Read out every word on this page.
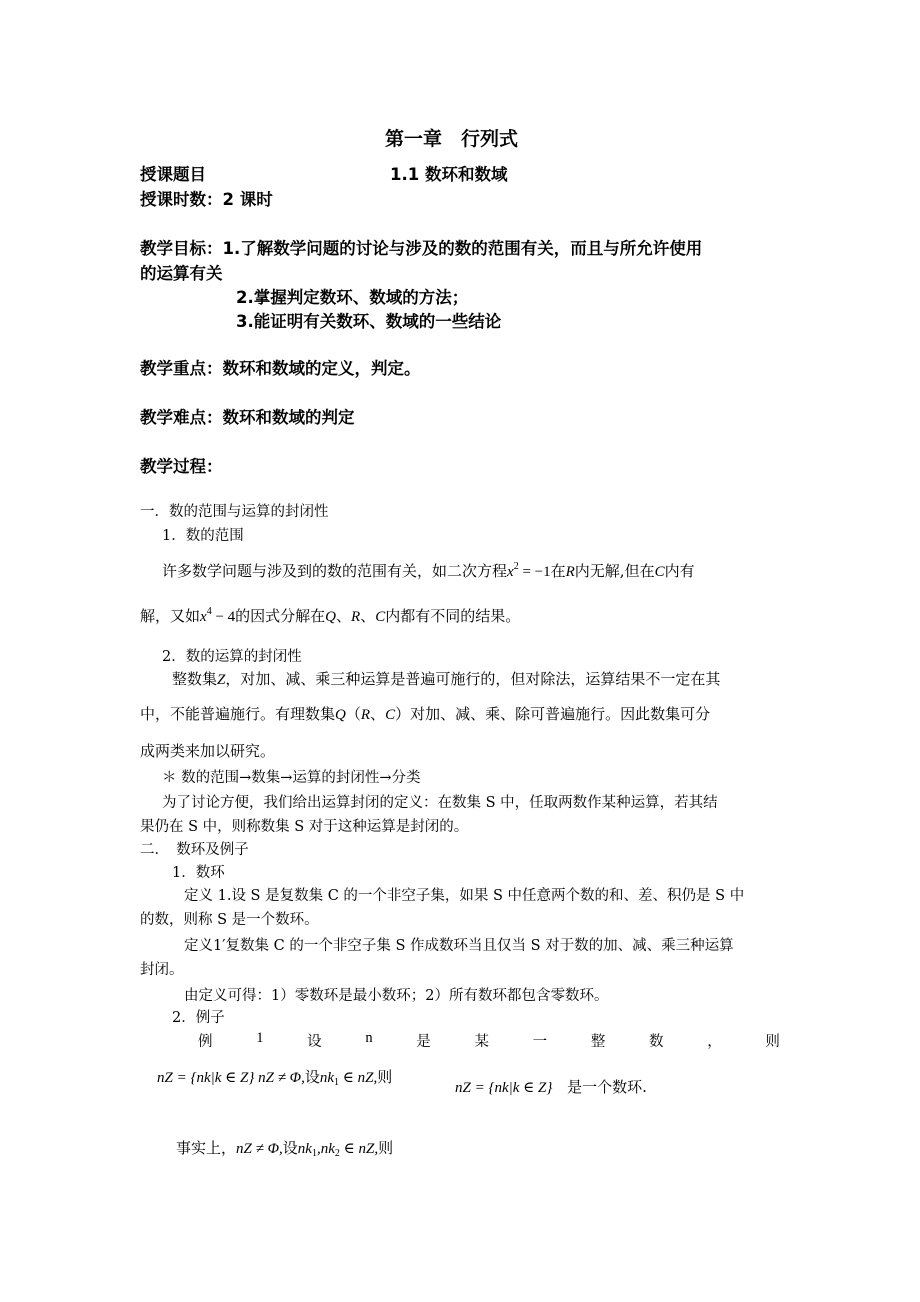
第一章　行列式
授课题目	1.1 数环和数域
授课时数：2 课时
教学目标：1.了解数学问题的讨论与涉及的数的范围有关，而且与所允许使用
的运算有关
2.掌握判定数环、数域的方法；
3.能证明有关数环、数域的一些结论
教学重点：数环和数域的定义，判定。
教学难点：数环和数域的判定
教学过程：
一．数的范围与运算的封闭性
1．数的范围
许多数学问题与涉及到的数的范围有关，如二次方程$x^2 = -1$在R内无解,但在C内有
解，又如$x^4 - 4$的因式分解在Q、R、C内都有不同的结果。
2．数的运算的封闭性
整数集Z，对加、减、乘三种运算是普遍可施行的，但对除法，运算结果不一定在其
中，不能普遍施行。有理数集Q（R、C）对加、减、乘、除可普遍施行。因此数集可分
成两类来加以研究。
＊ 数的范围→数集→运算的封闭性→分类
为了讨论方便，我们给出运算封闭的定义：在数集 S 中，任取两数作某种运算，若其结
果仍在 S 中，则称数集 S 对于这种运算是封闭的。
二．　数环及例子
1．数环
定义 1.设 S 是复数集 C 的一个非空子集，如果 S 中任意两个数的和、差、积仍是 S 中
的数，则称 S 是一个数环。
定义1′复数集 C 的一个非空子集 S 作成数环当且仅当 S 对于数的加、减、乘三种运算
封闭。
由定义可得：1）零数环是最小数环；2）所有数环都包含零数环。
2．例子
例	1	设	n	是	某	一	整	数	，	则
nZ = {nk|k ∈ Z} nZ ≠ Φ,设$nk_1$ ∈ nZ,则
nZ = {nk|k ∈ Z} 是一个数环.
事实上，nZ ≠ Φ,设$nk_1,nk_2$ ∈ nZ,则
